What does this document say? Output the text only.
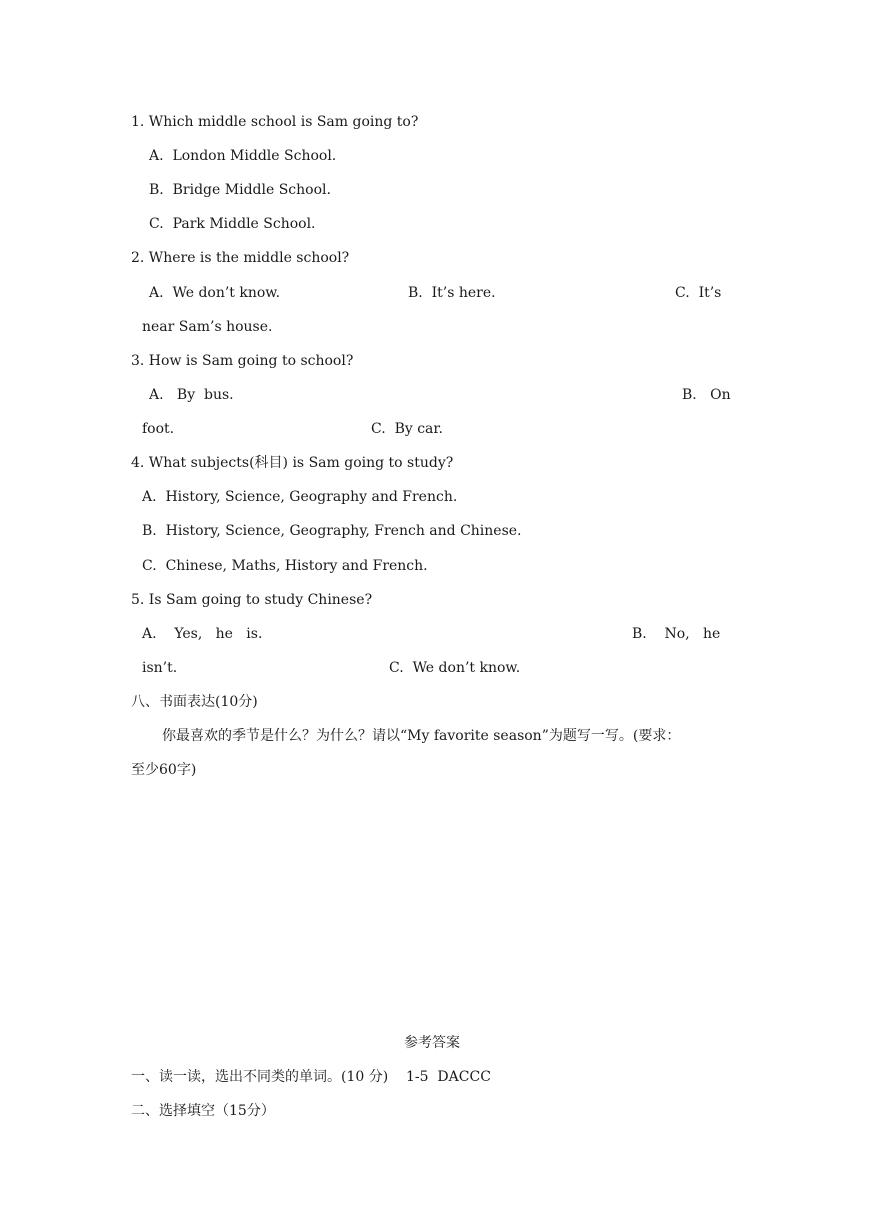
1. Which middle school is Sam going to?
A.  London Middle School.
B.  Bridge Middle School.
C.  Park Middle School.
2. Where is the middle school?
A.  We don’t know.	B.  It’s here.	C.  It’s
near Sam’s house.
3. How is Sam going to school?
A.   By  bus.	B.   On
foot.	C.  By car.
4. What subjects(科目) is Sam going to study?
A.  History, Science, Geography and French.
B.  History, Science, Geography, French and Chinese.
C.  Chinese, Maths, History and French.
5. Is Sam going to study Chinese?
A.    Yes,   he   is.	B.    No,   he
isn’t.	C.  We don’t know.
八、书面表达(10分)
你最喜欢的季节是什么？为什么？请以“My favorite season”为题写一写。(要求：
至少60字)
参考答案
一、读一读，选出不同类的单词。(10 分)    1-5  DACCC
二、选择填空（15分）
